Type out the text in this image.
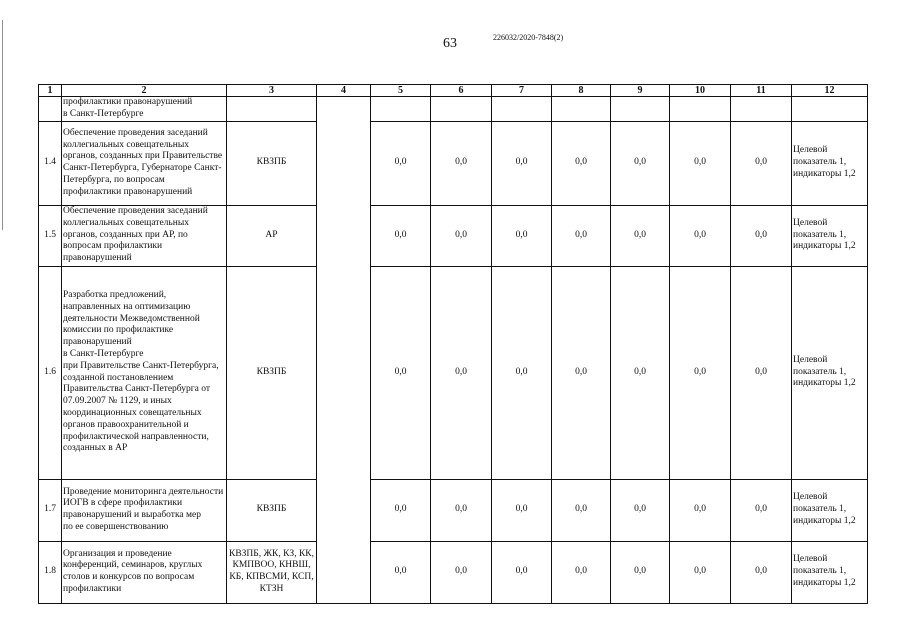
226032/2020-7848(2)
63
1	2	3	4	5	6	7	8	9	10	11	12
	профилактики правонарушений
в Санкт-Петербурге										
1.4	Обеспечение проведения заседаний коллегиальных совещательных органов, созданных при Правительстве Санкт-Петербурга, Губернаторе Санкт-Петербурга, по вопросам профилактики правонарушений	КВЗПБ		0,0	0,0	0,0	0,0	0,0	0,0	0,0	Целевой показатель 1, индикаторы 1,2
1.5	Обеспечение проведения заседаний коллегиальных совещательных органов, созданных при АР, по вопросам профилактики правонарушений	АР		0,0	0,0	0,0	0,0	0,0	0,0	0,0	Целевой показатель 1, индикаторы 1,2
1.6	Разработка предложений, направленных на оптимизацию деятельности Межведомственной комиссии по профилактике правонарушений
в Санкт-Петербурге
при Правительстве Санкт-Петербурга, созданной постановлением Правительства Санкт-Петербурга от 07.09.2007 № 1129, и иных координационных совещательных органов правоохранительной и профилактической направленности, созданных в АР	КВЗПБ		0,0	0,0	0,0	0,0	0,0	0,0	0,0	Целевой показатель 1, индикаторы 1,2
1.7	Проведение мониторинга деятельности ИОГВ в сфере профилактики правонарушений и выработка мер
по ее совершенствованию	КВЗПБ		0,0	0,0	0,0	0,0	0,0	0,0	0,0	Целевой показатель 1, индикаторы 1,2
1.8	Организация и проведение конференций, семинаров, круглых столов и конкурсов по вопросам профилактики	КВЗПБ, ЖК, КЗ, КК, КМПВОО, КНВШ, КБ, КПВСМИ, КСП, КТЗН		0,0	0,0	0,0	0,0	0,0	0,0	0,0	Целевой показатель 1, индикаторы 1,2
